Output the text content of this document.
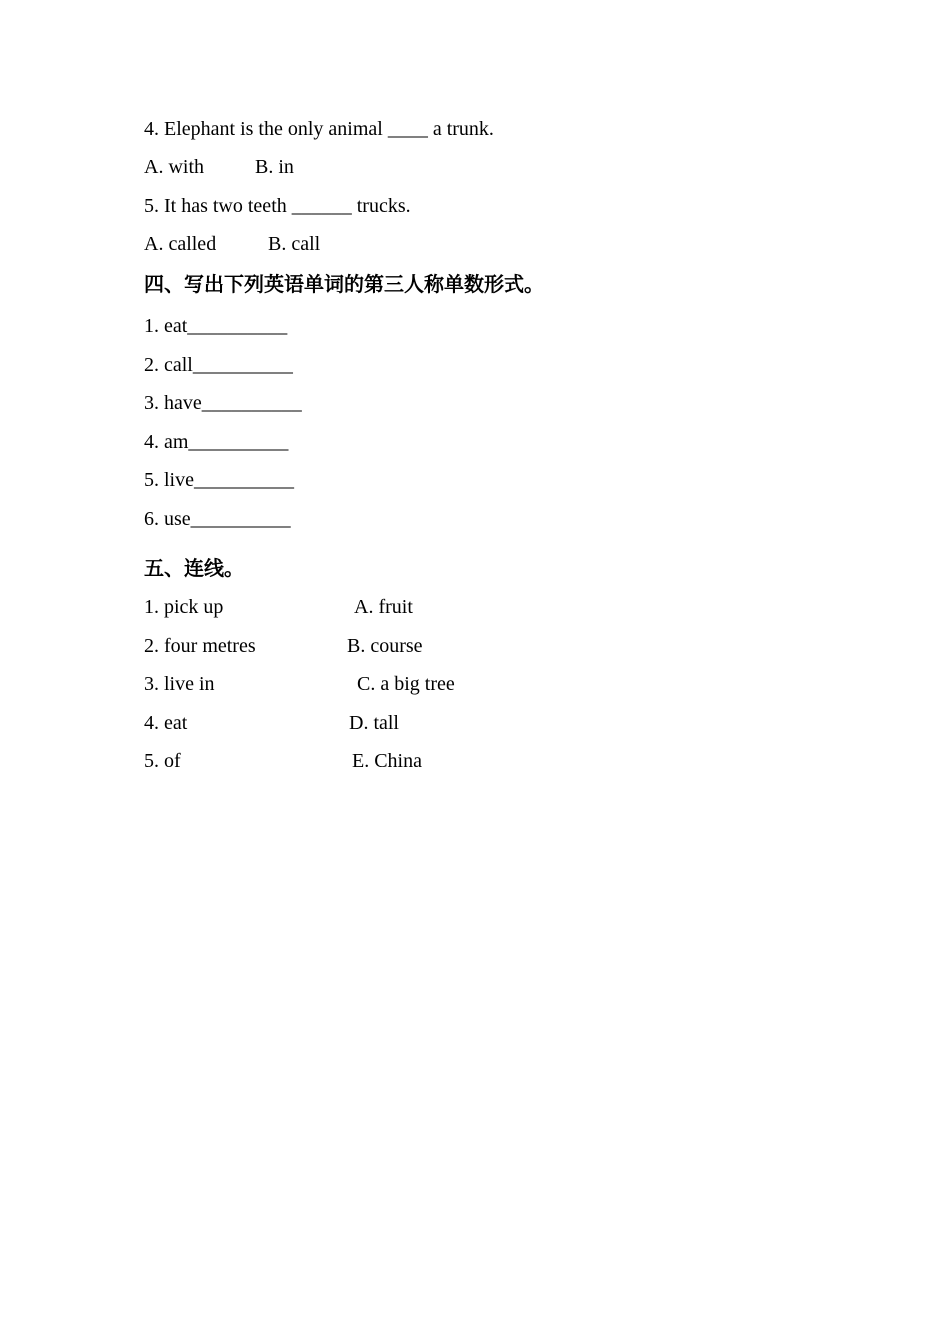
4. Elephant is the only animal ____ a trunk.
A. with	B. in
5. It has two teeth ______ trucks.
A. called	B. call
四、写出下列英语单词的第三人称单数形式。
1. eat__________
2. call__________
3. have__________
4. am__________
5. live__________
6. use__________
五、连线。
1. pick up	A. fruit
2. four metres	B. course
3. live in	C. a big tree
4. eat	D. tall
5. of	E. China
